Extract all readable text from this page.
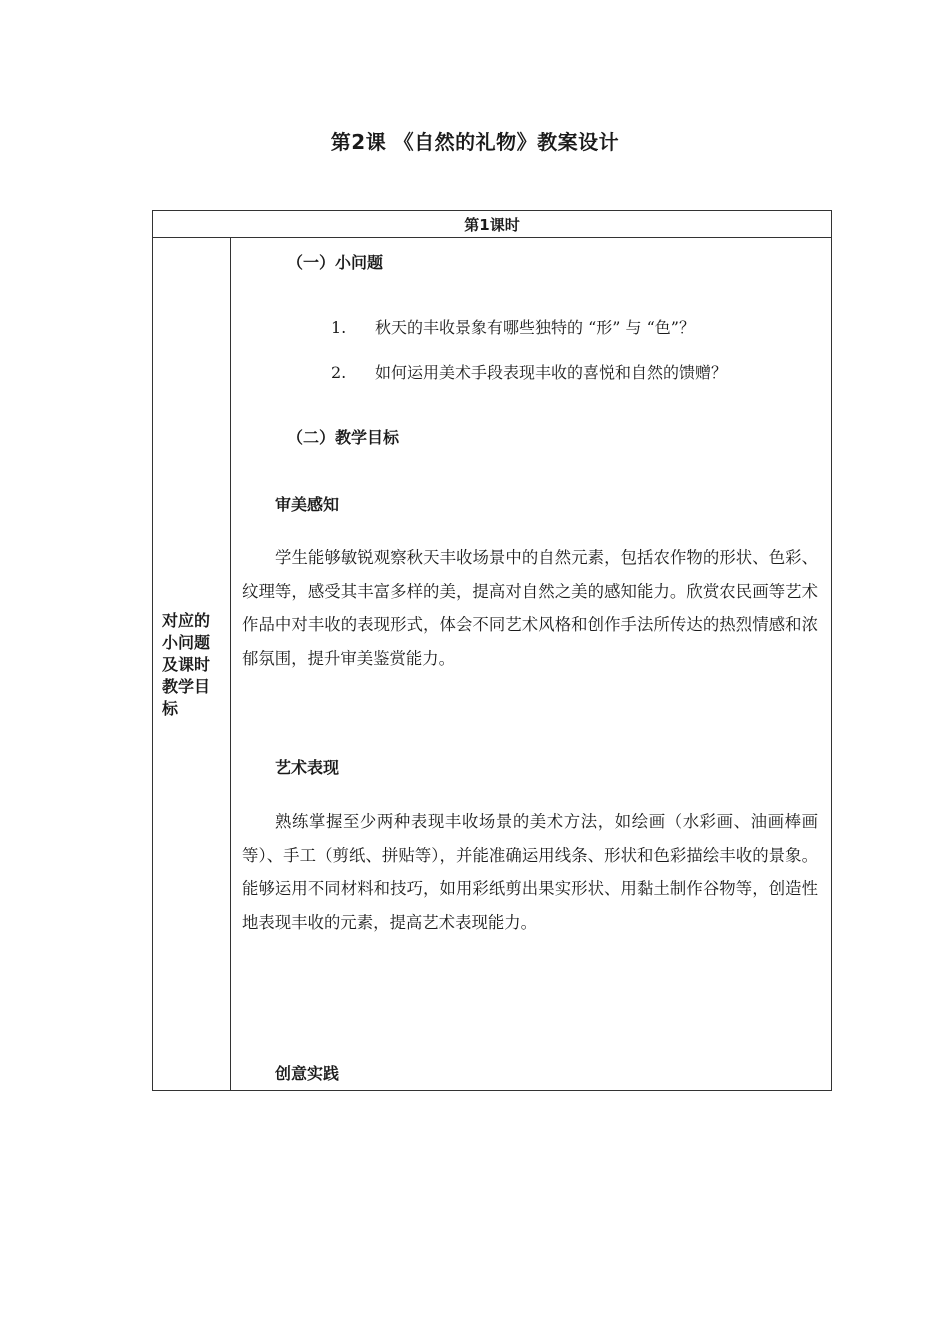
第2课 《自然的礼物》教案设计
第1课时
对应的小问题及课时教学目标
（一）小问题
1. 秋天的丰收景象有哪些独特的 “形” 与 “色”？
2. 如何运用美术手段表现丰收的喜悦和自然的馈赠？
（二）教学目标
审美感知
学生能够敏锐观察秋天丰收场景中的自然元素，包括农作物的形状、色彩、纹理等，感受其丰富多样的美，提高对自然之美的感知能力。欣赏农民画等艺术作品中对丰收的表现形式，体会不同艺术风格和创作手法所传达的热烈情感和浓郁氛围，提升审美鉴赏能力。
艺术表现
熟练掌握至少两种表现丰收场景的美术方法，如绘画（水彩画、油画棒画等）、手工（剪纸、拼贴等），并能准确运用线条、形状和色彩描绘丰收的景象。能够运用不同材料和技巧，如用彩纸剪出果实形状、用黏土制作谷物等，创造性地表现丰收的元素，提高艺术表现能力。
创意实践
